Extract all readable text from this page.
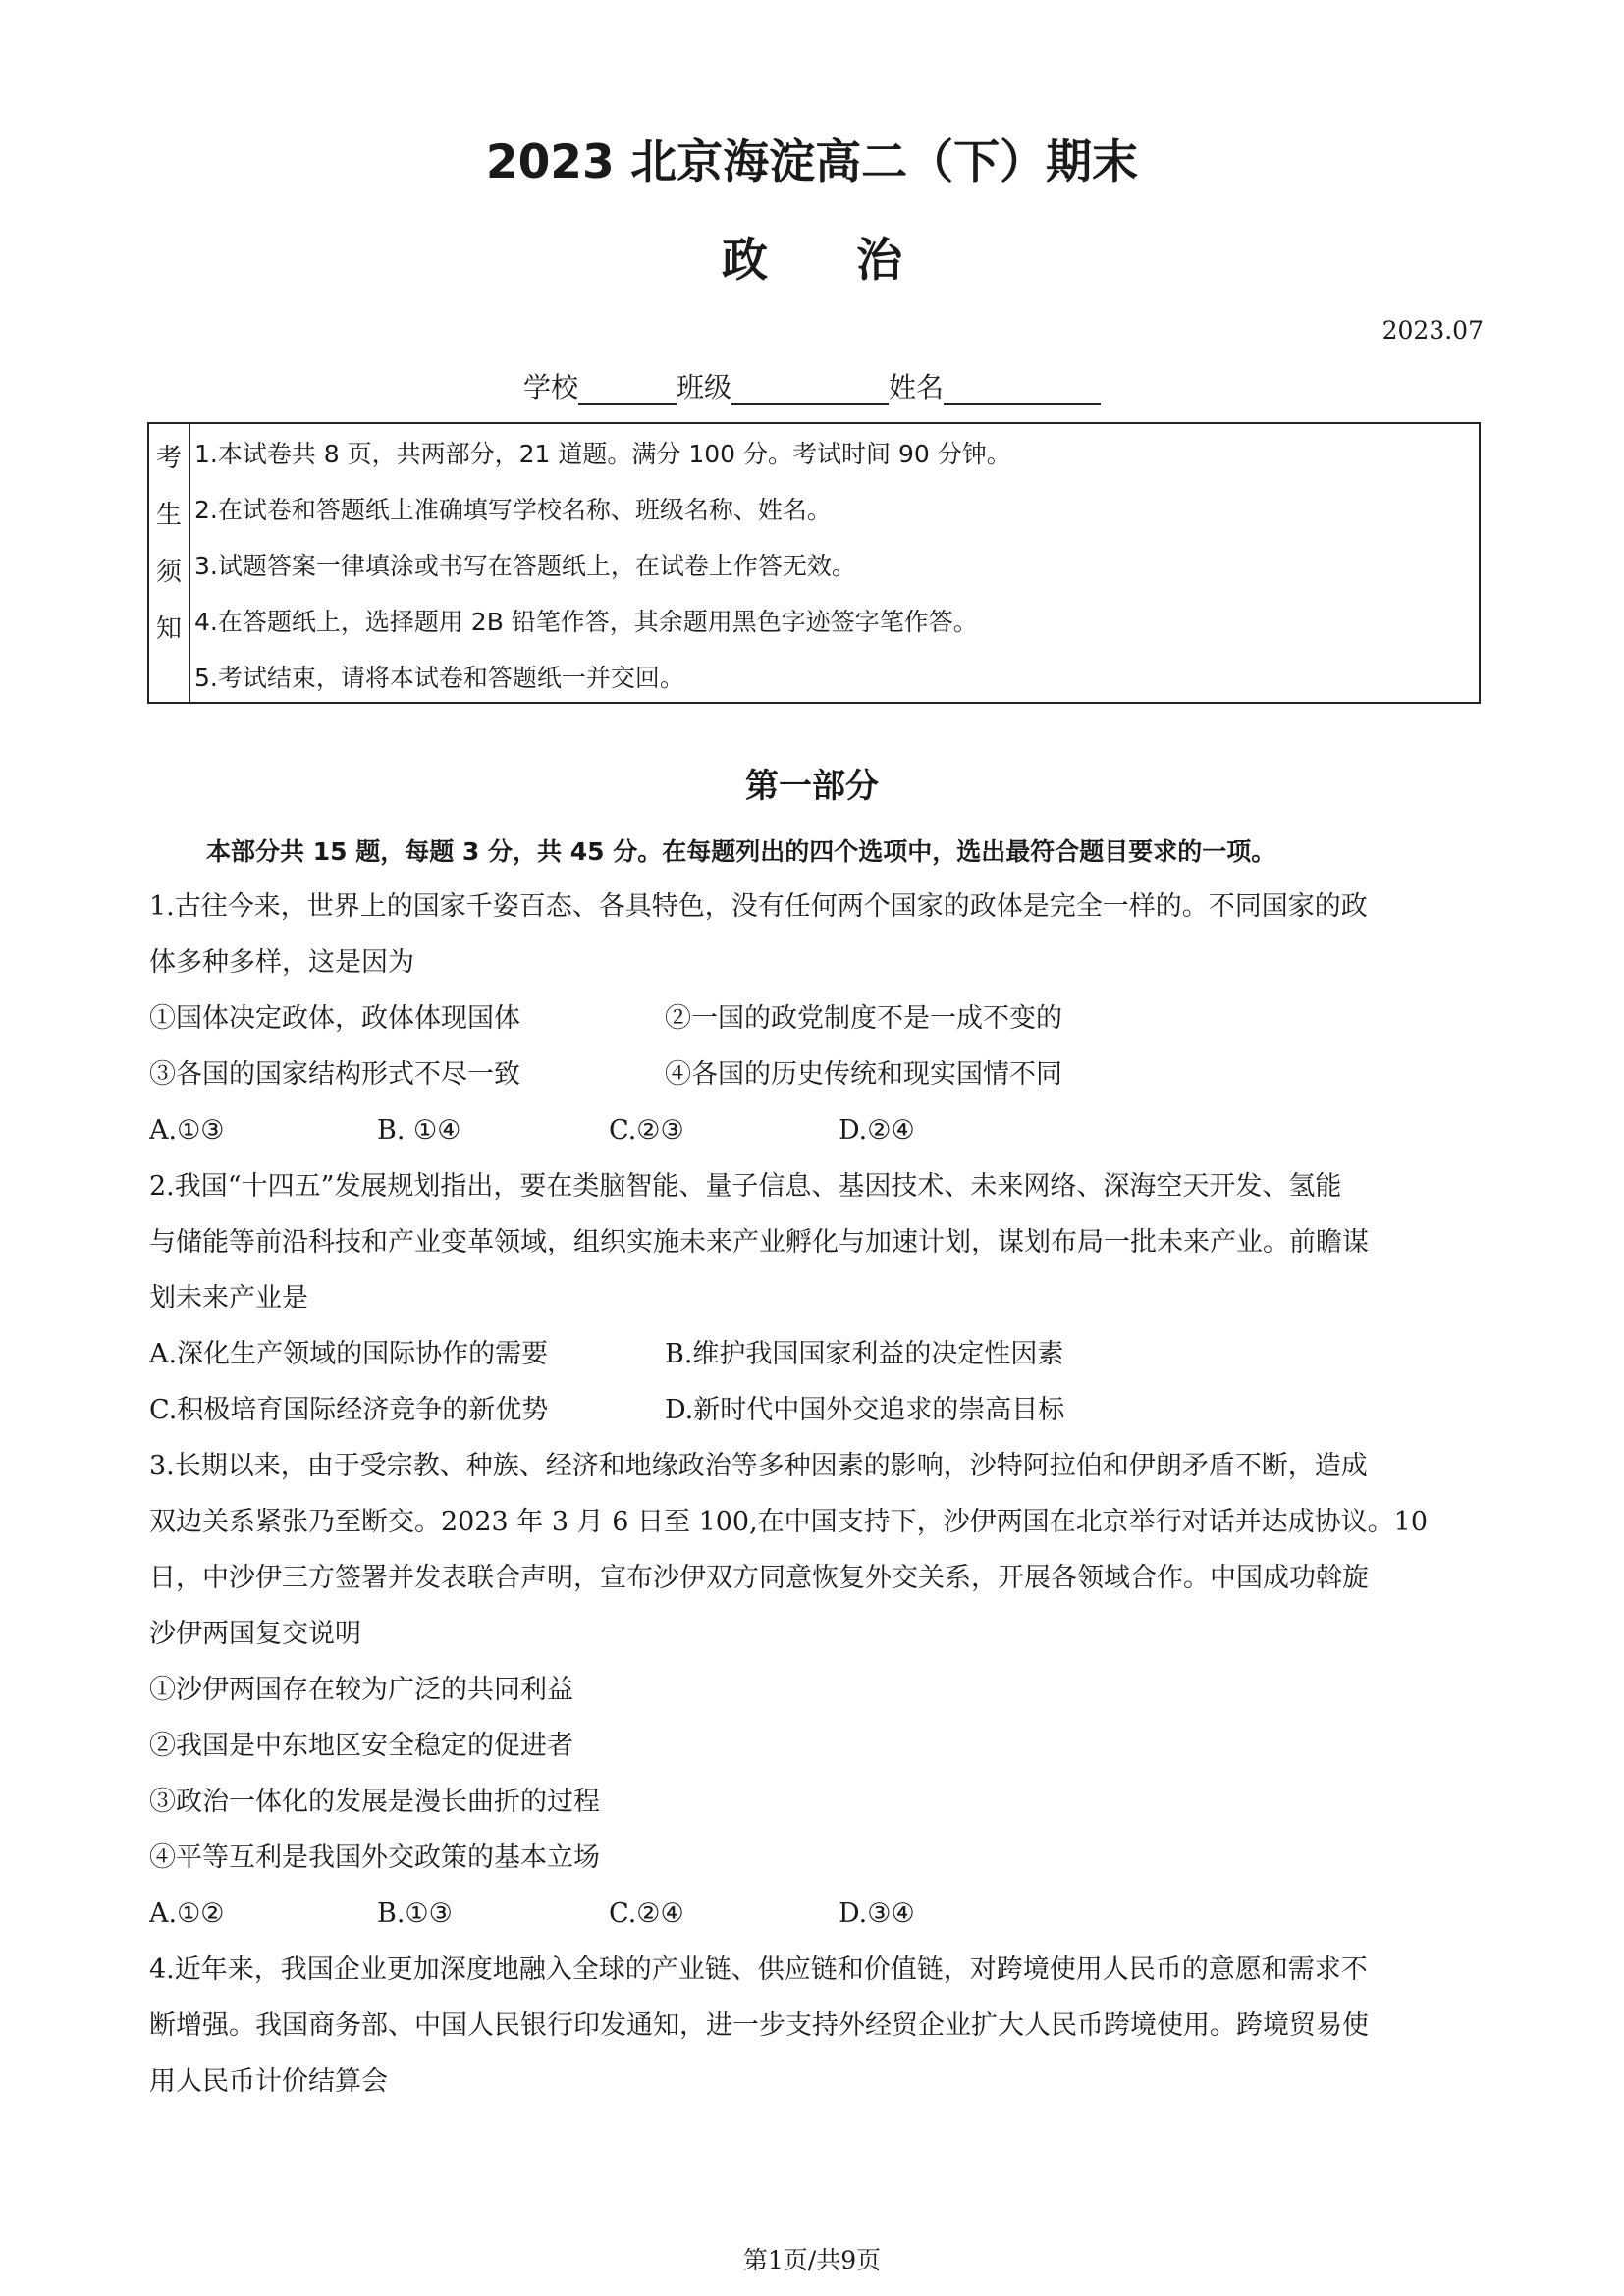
2023 北京海淀高二（下）期末
政治
2023.07
学校	班级	姓名
考
生
须
知
1.本试卷共 8 页，共两部分，21 道题。满分 100 分。考试时间 90 分钟。
2.在试卷和答题纸上准确填写学校名称、班级名称、姓名。
3.试题答案一律填涂或书写在答题纸上，在试卷上作答无效。
4.在答题纸上，选择题用 2B 铅笔作答，其余题用黑色字迹签字笔作答。
5.考试结束，请将本试卷和答题纸一并交回。
第一部分
本部分共 15 题，每题 3 分，共 45 分。在每题列出的四个选项中，选出最符合题目要求的一项。
1.古往今来，世界上的国家千姿百态、各具特色，没有任何两个国家的政体是完全一样的。不同国家的政
体多种多样，这是因为
①国体决定政体，政体体现国体	②一国的政党制度不是一成不变的
③各国的国家结构形式不尽一致	④各国的历史传统和现实国情不同
A.①③	B. ①④	C.②③	D.②④
2.我国“十四五”发展规划指出，要在类脑智能、量子信息、基因技术、未来网络、深海空天开发、氢能
与储能等前沿科技和产业变革领域，组织实施未来产业孵化与加速计划，谋划布局一批未来产业。前瞻谋
划未来产业是
A.深化生产领域的国际协作的需要	B.维护我国国家利益的决定性因素
C.积极培育国际经济竞争的新优势	D.新时代中国外交追求的崇高目标
3.长期以来，由于受宗教、种族、经济和地缘政治等多种因素的影响，沙特阿拉伯和伊朗矛盾不断，造成
双边关系紧张乃至断交。2023 年 3 月 6 日至 100,在中国支持下，沙伊两国在北京举行对话并达成协议。10
日，中沙伊三方签署并发表联合声明，宣布沙伊双方同意恢复外交关系，开展各领域合作。中国成功斡旋
沙伊两国复交说明
①沙伊两国存在较为广泛的共同利益
②我国是中东地区安全稳定的促进者
③政治一体化的发展是漫长曲折的过程
④平等互利是我国外交政策的基本立场
A.①②	B.①③	C.②④	D.③④
4.近年来，我国企业更加深度地融入全球的产业链、供应链和价值链，对跨境使用人民币的意愿和需求不
断增强。我国商务部、中国人民银行印发通知，进一步支持外经贸企业扩大人民币跨境使用。跨境贸易使
用人民币计价结算会
第1页/共9页
